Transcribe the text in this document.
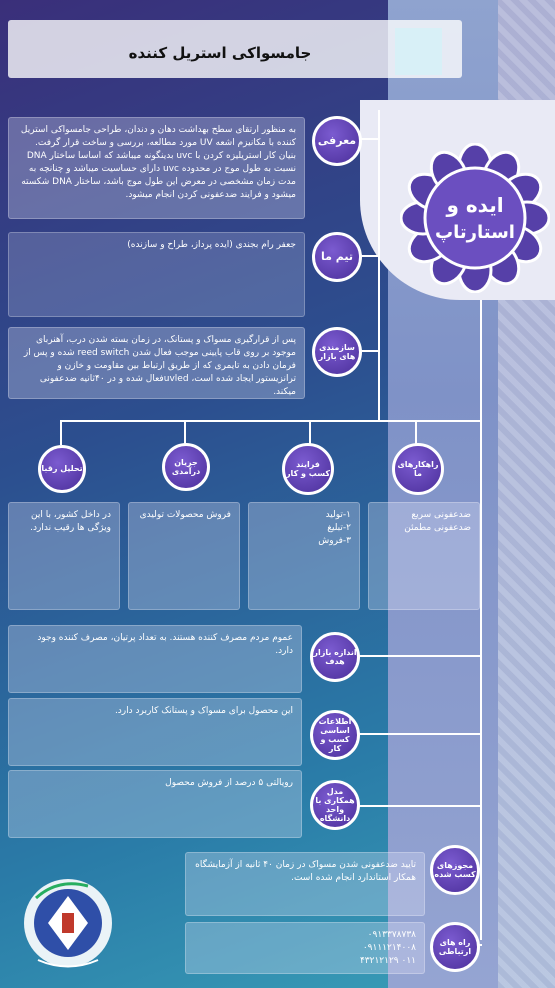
ایده و
استارتاپ
جامسواکی استریل کننده
به منظور ارتقای سطح بهداشت دهان و دندان، طراحی جامسواکی استریل کننده با مکانیزم اشعه UV مورد مطالعه، بررسی و ساخت قرار گرفت. بنیان کار استریلیزه کردن با uvc بدینگونه میباشد که اساسا ساختار DNA نسبت به طول موج در محدوده uvc دارای حساسیت میباشد و چنانچه به مدت زمان مشخصی در معرض این طول موج باشد، ساختار DNA شکسته میشود و فرایند ضدعفونی کردن انجام میشود.
معرفی
جعفر رام بجندی (ایده پرداز، طراح و سازنده)
تیم ما
پس از قرارگیری مسواک و پستانک، در زمان بسته شدن درب، آهنربای موجود بر روی قاب پایینی موجب فعال شدن reed switch شده و پس از فرمان دادن به تایمری که از طریق ارتباط بین مقاومت و خازن و ترانزیستور ایجاد شده است، uvledفعال شده و در ۴۰ثانیه ضدعفونی میکند.
سازمندی های بازار
تحلیل رقبا
جریان درآمدی
فرایند کسب و کار
راهکارهای ما
در داخل کشور، با این ویژگی ها رقیب ندارد.
فروش محصولات تولیدی	۱-تولید
۲-تبلیغ
۳-فروش
ضدعفونی سریع
ضدعفونی مطمئن
عموم مردم مصرف کننده هستند. به تعداد پرتیان، مصرف کننده وجود دارد.	اندازه بازار هدف
این محصول برای مسواک و پستانک کاربرد دارد.
اطلاعات اساسی کسب و کار
رویالتی ۵ درصد از فروش محصول
مدل همکاری با واحد دانشگاه
تایید ضدعفونی شدن مسواک در زمان ۴۰ ثانیه از آزمایشگاه همکار استاندارد انجام شده است.
مجوزهای کسب شده
۰۹۱۳۳۷۸۷۳۸
۰۹۱۱۱۲۱۴۰۰۸
۰۱۱ ۴۳۲۱۲۱۲۹
راه های ارتباطی
